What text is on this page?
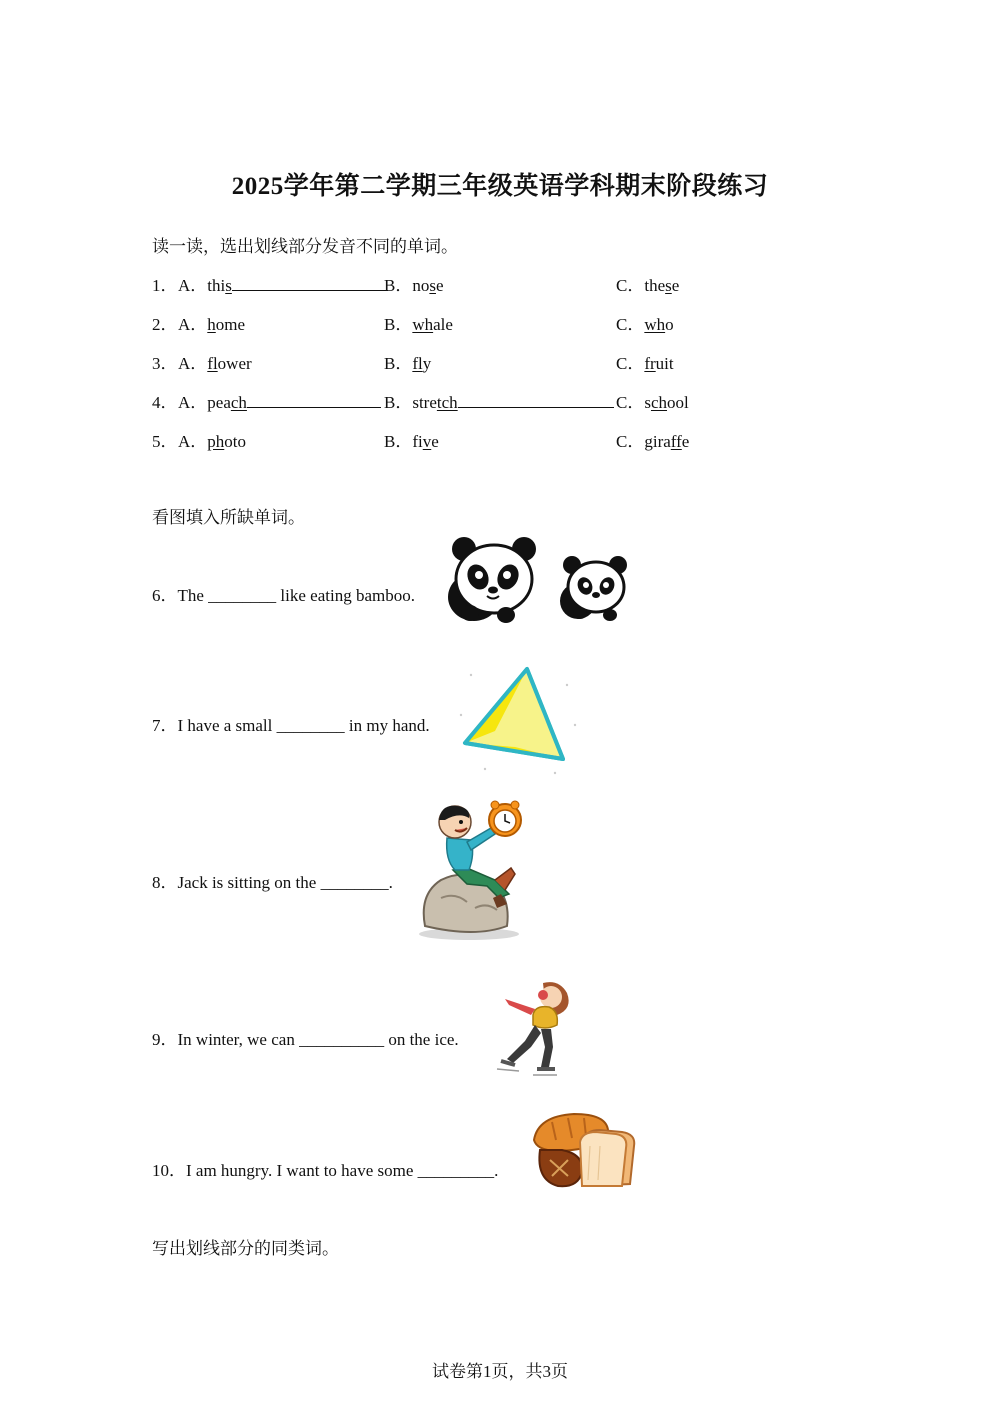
2025学年第二学期三年级英语学科期末阶段练习
读一读，选出划线部分发音不同的单词。
1． A．this	B．nose	C．these
2． A．home	B．whale	C．who
3． A．flower	B．fly	C．fruit
4． A．peach	B．stretch	C．school
5． A．photo	B．five	C．giraffe
看图填入所缺单词。
6．The ________ like eating bamboo.
7．I have a small ________ in my hand.
8．Jack is sitting on the ________.
9．In winter, we can __________ on the ice.
10．I am hungry. I want to have some _________.
写出划线部分的同类词。
试卷第1页，共3页
